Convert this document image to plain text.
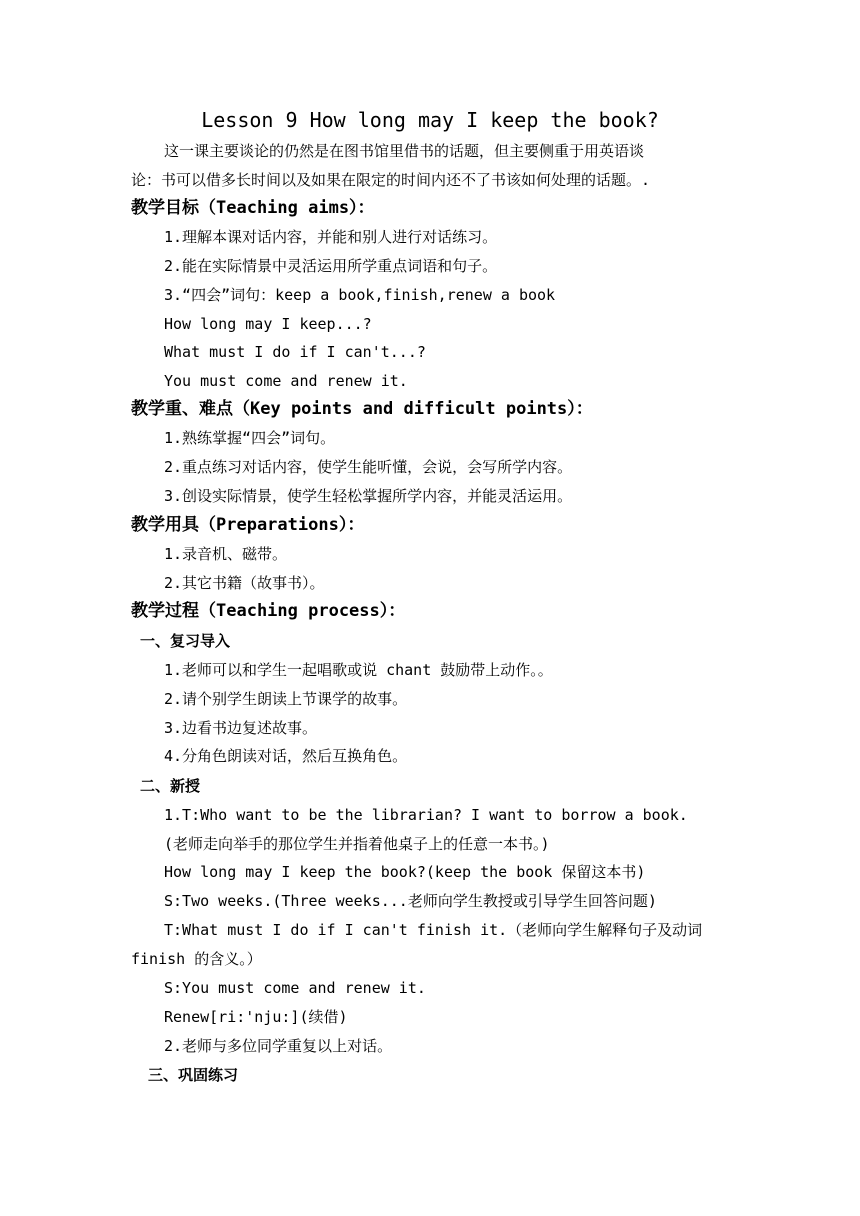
Lesson 9 How long may I keep the book?
这一课主要谈论的仍然是在图书馆里借书的话题，但主要侧重于用英语谈
论：书可以借多长时间以及如果在限定的时间内还不了书该如何处理的话题。.
教学目标（Teaching aims）：
1.理解本课对话内容，并能和别人进行对话练习。
2.能在实际情景中灵活运用所学重点词语和句子。
3.“四会”词句：keep a book,finish,renew a book
How long may I keep...?
What must I do if I can't...?
You must come and renew it.
教学重、难点（Key points and difficult points）：
1.熟练掌握“四会”词句。
2.重点练习对话内容，使学生能听懂，会说，会写所学内容。
3.创设实际情景，使学生轻松掌握所学内容，并能灵活运用。
教学用具（Preparations）：
1.录音机、磁带。
2.其它书籍（故事书）。
教学过程（Teaching process）：
一、复习导入
1.老师可以和学生一起唱歌或说 chant 鼓励带上动作。。
2.请个别学生朗读上节课学的故事。
3.边看书边复述故事。
4.分角色朗读对话，然后互换角色。
二、新授
1.T:Who want to be the librarian? I want to borrow a book.
(老师走向举手的那位学生并指着他桌子上的任意一本书。)
How long may I keep the book?(keep the book 保留这本书)
S:Two weeks.(Three weeks...老师向学生教授或引导学生回答问题)
T:What must I do if I can't finish it.（老师向学生解释句子及动词
finish 的含义。）
S:You must come and renew it.
Renew[ri:'nju:](续借)
2.老师与多位同学重复以上对话。
三、巩固练习
